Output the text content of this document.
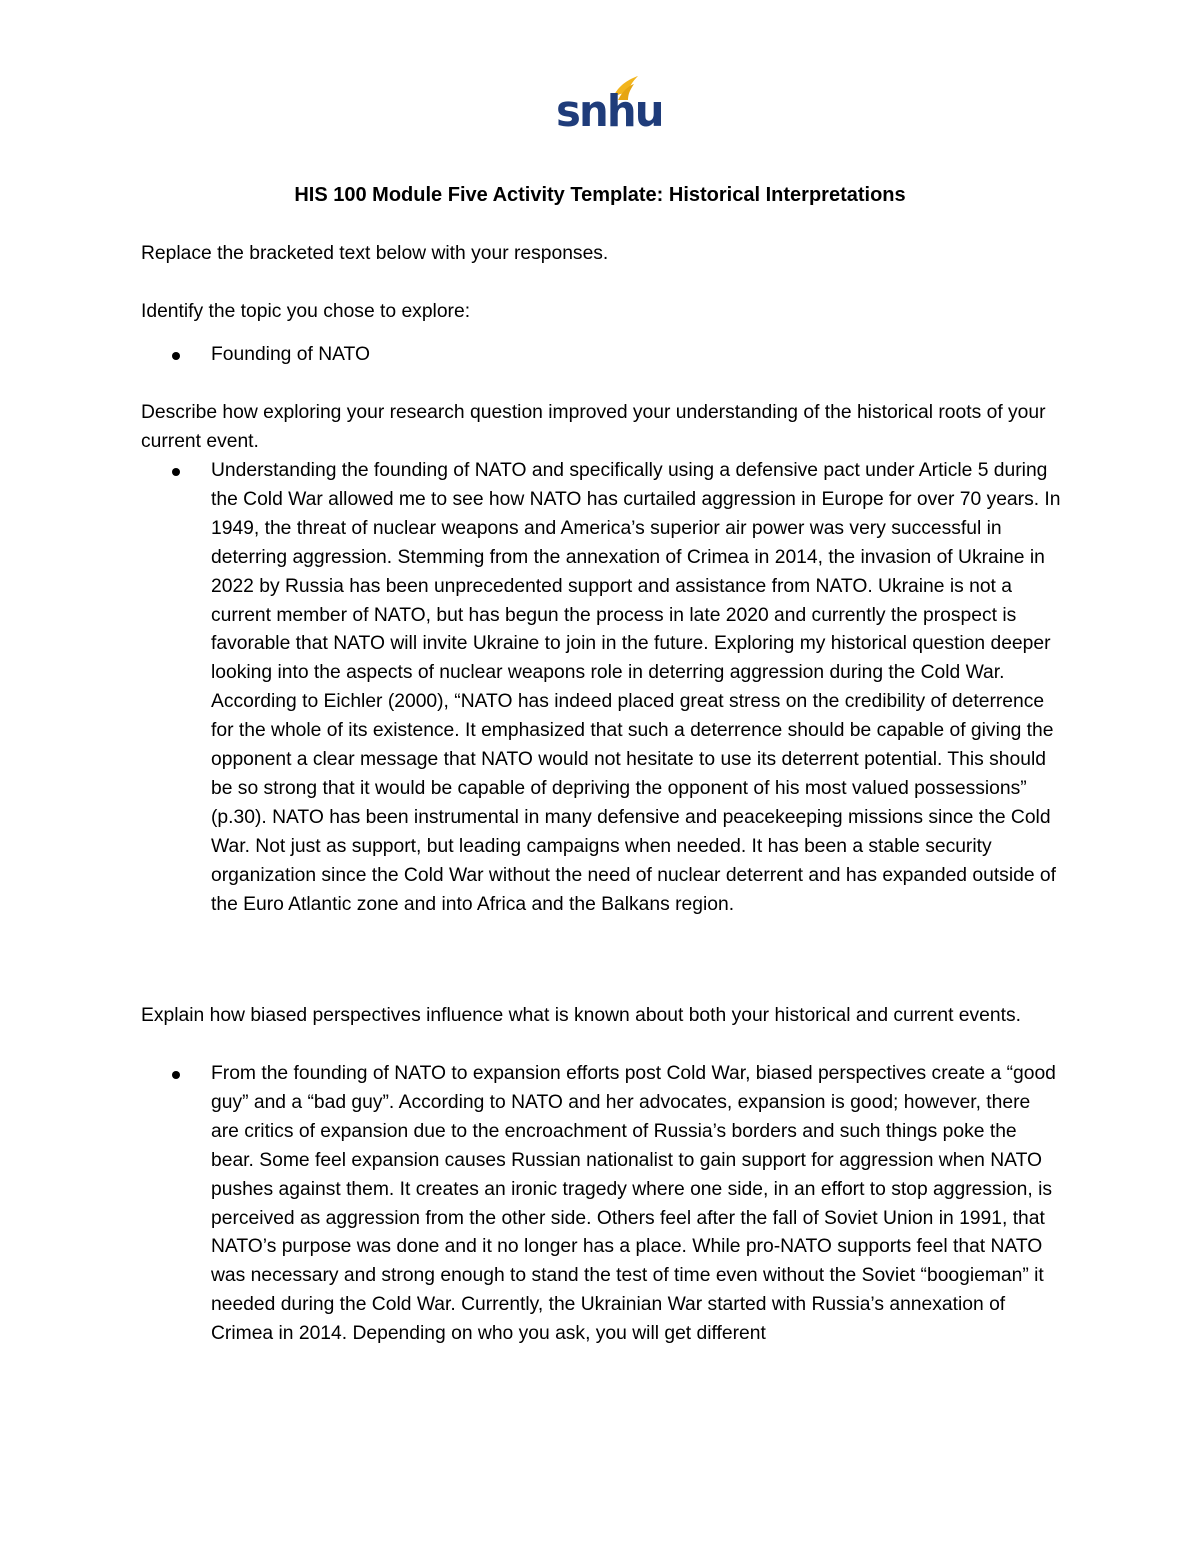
snhu
HIS 100 Module Five Activity Template: Historical Interpretations

Replace the bracketed text below with your responses.

Identify the topic you chose to explore:

Founding of NATO

Describe how exploring your research question improved your understanding of the historical roots of your current event.

Understanding the founding of NATO and specifically using a defensive pact under Article 5 during the Cold War allowed me to see how NATO has curtailed aggression in Europe for over 70 years. In 1949, the threat of nuclear weapons and America’s superior air power was very successful in deterring aggression. Stemming from the annexation of Crimea in 2014, the invasion of Ukraine in 2022 by Russia has been unprecedented support and assistance from NATO. Ukraine is not a current member of NATO, but has begun the process in late 2020 and currently the prospect is favorable that NATO will invite Ukraine to join in the future. Exploring my historical question deeper looking into the aspects of nuclear weapons role in deterring aggression during the Cold War. According to Eichler (2000), “NATO has indeed placed great stress on the credibility of deterrence for the whole of its existence. It emphasized that such a deterrence should be capable of giving the opponent a clear message that NATO would not hesitate to use its deterrent potential. This should be so strong that it would be capable of depriving the opponent of his most valued possessions” (p.30). NATO has been instrumental in many defensive and peacekeeping missions since the Cold War. Not just as support, but leading campaigns when needed. It has been a stable security organization since the Cold War without the need of nuclear deterrent and has expanded outside of the Euro Atlantic zone and into Africa and the Balkans region.

Explain how biased perspectives influence what is known about both your historical and current events.

From the founding of NATO to expansion efforts post Cold War, biased perspectives create a “good guy” and a “bad guy”. According to NATO and her advocates, expansion is good; however, there are critics of expansion due to the encroachment of Russia’s borders and such things poke the bear. Some feel expansion causes Russian nationalist to gain support for aggression when NATO pushes against them. It creates an ironic tragedy where one side, in an effort to stop aggression, is perceived as aggression from the other side. Others feel after the fall of Soviet Union in 1991, that NATO’s purpose was done and it no longer has a place. While pro-NATO supports feel that NATO was necessary and strong enough to stand the test of time even without the Soviet “boogieman” it needed during the Cold War. Currently, the Ukrainian War started with Russia’s annexation of Crimea in 2014. Depending on who you ask, you will get different
